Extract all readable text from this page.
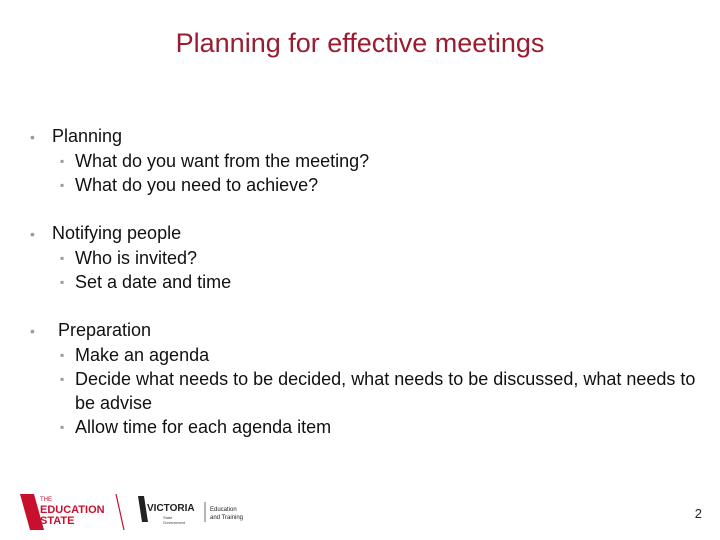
Planning for effective meetings
• Planning
▪ What do you want from the meeting?
▪ What do you need to achieve?
• Notifying people
▪ Who is invited?
▪ Set a date and time
•	Preparation
▪ Make an agenda
▪ Decide what needs to be decided, what needs to be discussed, what needs to be advise
▪ Allow time for each agenda item
THE
EDUCATION
STATE
VICTORIA
State
Government
Education
and Training	2
